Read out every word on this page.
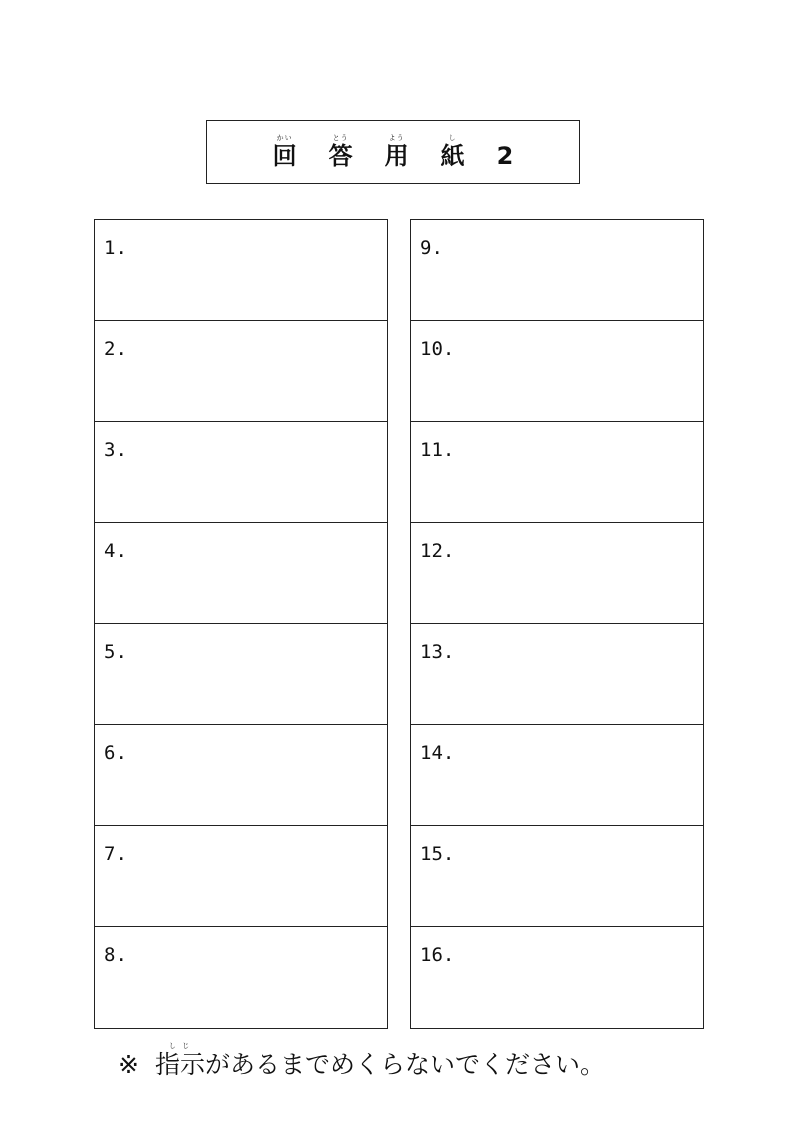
かい
回
とう
答
よう
用
し
紙 2
1.
2.
3.
4.
5.
6.
7.
8.
9.
10.
11.
12.
13.
14.
15.
16.
※
し じ
指示 があるまでめくらないでください。
